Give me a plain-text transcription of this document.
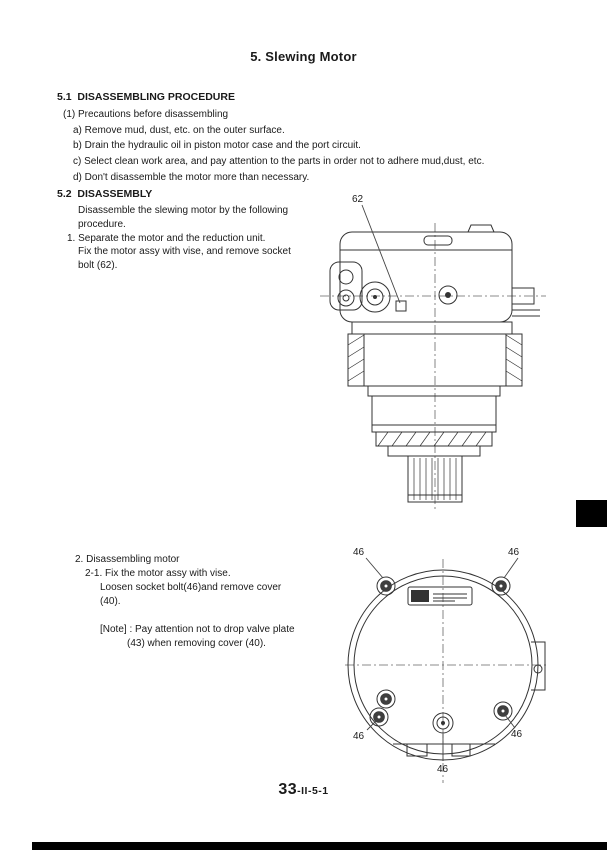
5. Slewing Motor
5.1  DISASSEMBLING PROCEDURE
(1) Precautions before disassembling
a) Remove mud, dust, etc. on the outer surface.
b) Drain the hydraulic oil in piston motor case and the port circuit.
c) Select clean work area, and pay attention to the parts in order not to adhere mud,dust, etc.
d) Don't disassemble the motor more than necessary.
5.2  DISASSEMBLY
Disassemble the slewing motor by the following
procedure.
1. Separate the motor and the reduction unit.
Fix the motor assy with vise, and remove socket
bolt (62).
2. Disassembling motor
2-1. Fix the motor assy with vise.
Loosen socket bolt(46)and remove cover
(40).
[Note] : Pay attention not to drop valve plate
(43) when removing cover (40).
62
46	46
46	46
46
33-II-5-1
